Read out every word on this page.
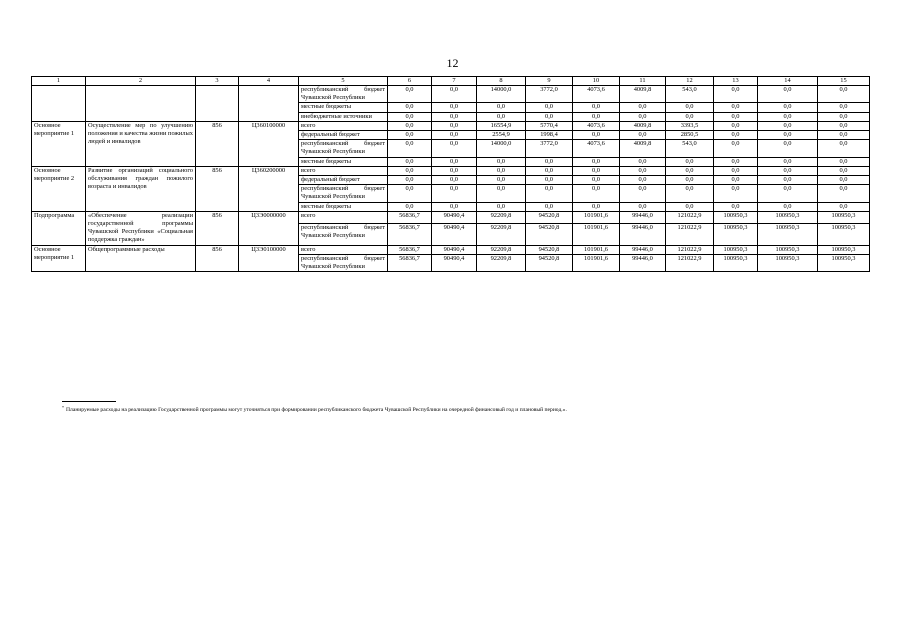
12
1	2	3	4	5	6	7	8	9	10	11	12	13	14	15
				республиканский бюджет Чувашской Республики	0,0	0,0	14000,0	3772,0	4073,6	4009,8	543,0	0,0	0,0	0,0
				местные бюджеты	0,0	0,0	0,0	0,0	0,0	0,0	0,0	0,0	0,0	0,0
				внебюджетные источники	0,0	0,0	0,0	0,0	0,0	0,0	0,0	0,0	0,0	0,0
Основное мероприятие 1	Осуществление мер по улучшению положения и качества жизни пожилых людей и инвалидов	856	Ц360100000	всего	0,0	0,0	16554,9	5770,4	4073,6	4009,8	3393,5	0,0	0,0	0,0
				федеральный бюджет	0,0	0,0	2554,9	1998,4	0,0	0,0	2850,5	0,0	0,0	0,0
				республиканский бюджет Чувашской Республики	0,0	0,0	14000,0	3772,0	4073,6	4009,8	543,0	0,0	0,0	0,0
				местные бюджеты	0,0	0,0	0,0	0,0	0,0	0,0	0,0	0,0	0,0	0,0
Основное мероприятие 2	Развитие организаций социального обслуживания граждан пожилого возраста и инвалидов	856	Ц360200000	всего	0,0	0,0	0,0	0,0	0,0	0,0	0,0	0,0	0,0	0,0
				федеральный бюджет	0,0	0,0	0,0	0,0	0,0	0,0	0,0	0,0	0,0	0,0
				республиканский бюджет Чувашской Республики	0,0	0,0	0,0	0,0	0,0	0,0	0,0	0,0	0,0	0,0
				местные бюджеты	0,0	0,0	0,0	0,0	0,0	0,0	0,0	0,0	0,0	0,0
Подпрограмма	«Обеспечение реализации государственной программы Чувашской Республики «Социальная поддержка граждан»	856	Ц3Э0000000	всего	56836,7	90490,4	92209,8	94520,8	101901,6	99446,0	121022,9	100950,3	100950,3	100950,3
				республиканский бюджет Чувашской Республики	56836,7	90490,4	92209,8	94520,8	101901,6	99446,0	121022,9	100950,3	100950,3	100950,3
Основное мероприятие 1	Общепрограммные расходы	856	Ц3Э0100000	всего	56836,7	90490,4	92209,8	94520,8	101901,6	99446,0	121022,9	100950,3	100950,3	100950,3
				республиканский бюджет Чувашской Республики	56836,7	90490,4	92209,8	94520,8	101901,6	99446,0	121022,9	100950,3	100950,3	100950,3
* Планируемые расходы на реализацию Государственной программы могут уточняться при формировании республиканского бюджета Чувашской Республики на очередной финансовый год и плановый период.».
